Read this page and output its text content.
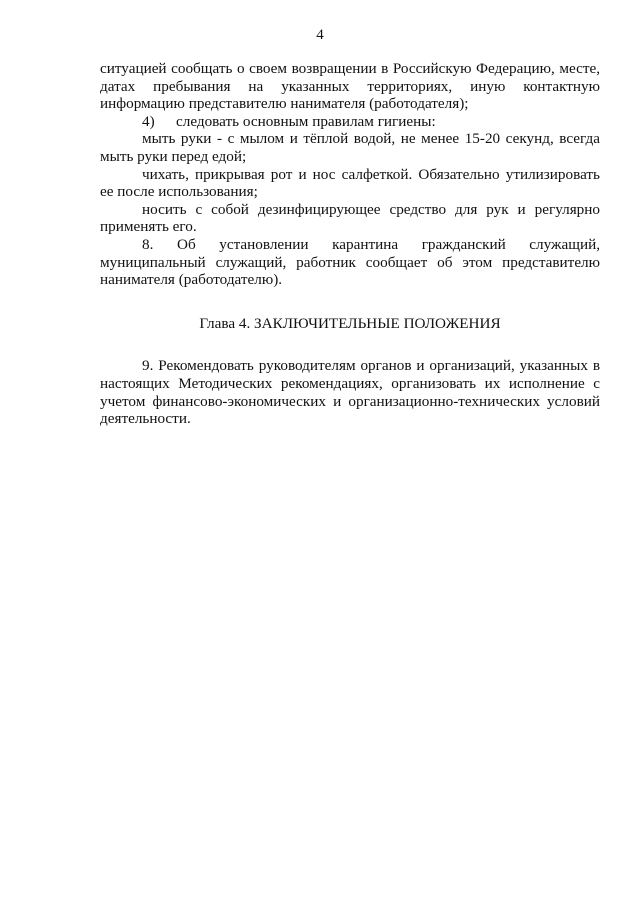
4

ситуацией сообщать о своем возвращении в Российскую Федерацию, месте, датах пребывания на указанных территориях, иную контактную информацию представителю нанимателя (работодателя);

4)	следовать основным правилам гигиены:

мыть руки - с мылом и тёплой водой, не менее 15-20 секунд, всегда мыть руки перед едой;

чихать, прикрывая рот и нос салфеткой. Обязательно утилизировать ее после использования;

носить с собой дезинфицирующее средство для рук и регулярно применять его.

8. Об установлении карантина гражданский служащий, муниципальный служащий, работник сообщает об этом представителю нанимателя (работодателю).

Глава 4. ЗАКЛЮЧИТЕЛЬНЫЕ ПОЛОЖЕНИЯ

9. Рекомендовать руководителям органов и организаций, указанных в настоящих Методических рекомендациях, организовать их исполнение с учетом финансово-экономических и организационно-технических условий деятельности.
